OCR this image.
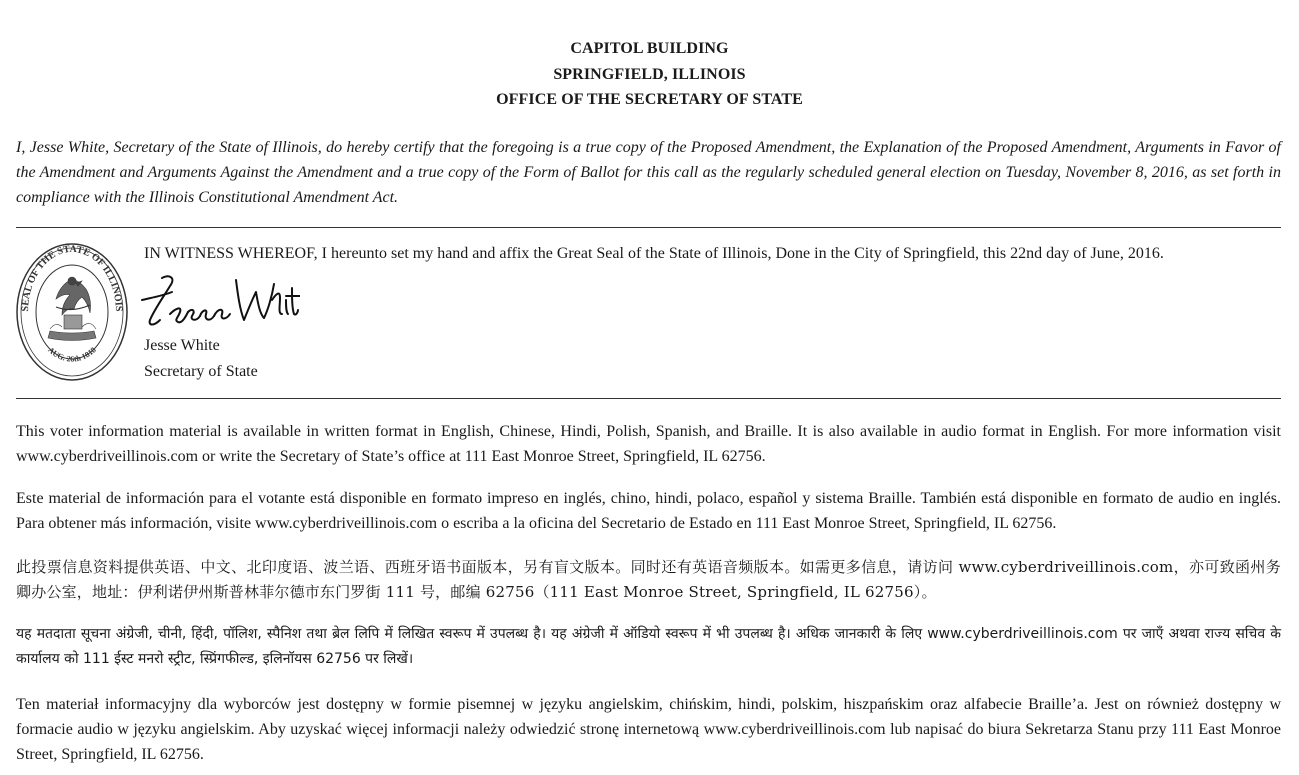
CAPITOL BUILDING
SPRINGFIELD, ILLINOIS
OFFICE OF THE SECRETARY OF STATE
I, Jesse White, Secretary of the State of Illinois, do hereby certify that the foregoing is a true copy of the Proposed Amendment, the Explanation of the Proposed Amendment, Arguments in Favor of the Amendment and Arguments Against the Amendment and a true copy of the Form of Ballot for this call as the regularly scheduled general election on Tuesday, November 8, 2016, as set forth in compliance with the Illinois Constitutional Amendment Act.
SEAL OF THE STATE OF ILLINOIS
AUG. 26th 1818
IN WITNESS WHEREOF, I hereunto set my hand and affix the Great Seal of the State of Illinois, Done in the City of Springfield, this 22nd day of June, 2016.
Jesse White
Secretary of State
This voter information material is available in written format in English, Chinese, Hindi, Polish, Spanish, and Braille. It is also available in audio format in English. For more information visit www.cyberdriveillinois.com or write the Secretary of State’s office at 111 East Monroe Street, Springfield, IL 62756.
Este material de información para el votante está disponible en formato impreso en inglés, chino, hindi, polaco, español y sistema Braille. También está disponible en formato de audio en inglés. Para obtener más información, visite www.cyberdriveillinois.com o escriba a la oficina del Secretario de Estado en 111 East Monroe Street, Springfield, IL 62756.
此投票信息资料提供英语、中文、北印度语、波兰语、西班牙语书面版本，另有盲文版本。同时还有英语音频版本。如需更多信息，请访问 www.cyberdriveillinois.com，亦可致函州务卿办公室，地址：伊利诺伊州斯普林菲尔德市东门罗街 111 号，邮编 62756（111 East Monroe Street, Springfield, IL 62756）。
यह मतदाता सूचना अंग्रेजी, चीनी, हिंदी, पॉलिश, स्पैनिश तथा ब्रेल लिपि में लिखित स्वरूप में उपलब्ध है। यह अंग्रेजी में ऑडियो स्वरूप में भी उपलब्ध है। अधिक जानकारी के लिए www.cyberdriveillinois.com पर जाएँ अथवा राज्य सचिव के कार्यालय को 111 ईस्ट मनरो स्ट्रीट, स्प्रिंगफील्ड, इलिनॉयस 62756 पर लिखें।
Ten materiał informacyjny dla wyborców jest dostępny w formie pisemnej w języku angielskim, chińskim, hindi, polskim, hiszpańskim oraz alfabecie Braille’a. Jest on również dostępny w formacie audio w języku angielskim. Aby uzyskać więcej informacji należy odwiedzić stronę internetową www.cyberdriveillinois.com lub napisać do biura Sekretarza Stanu przy 111 East Monroe Street, Springfield, IL 62756.
